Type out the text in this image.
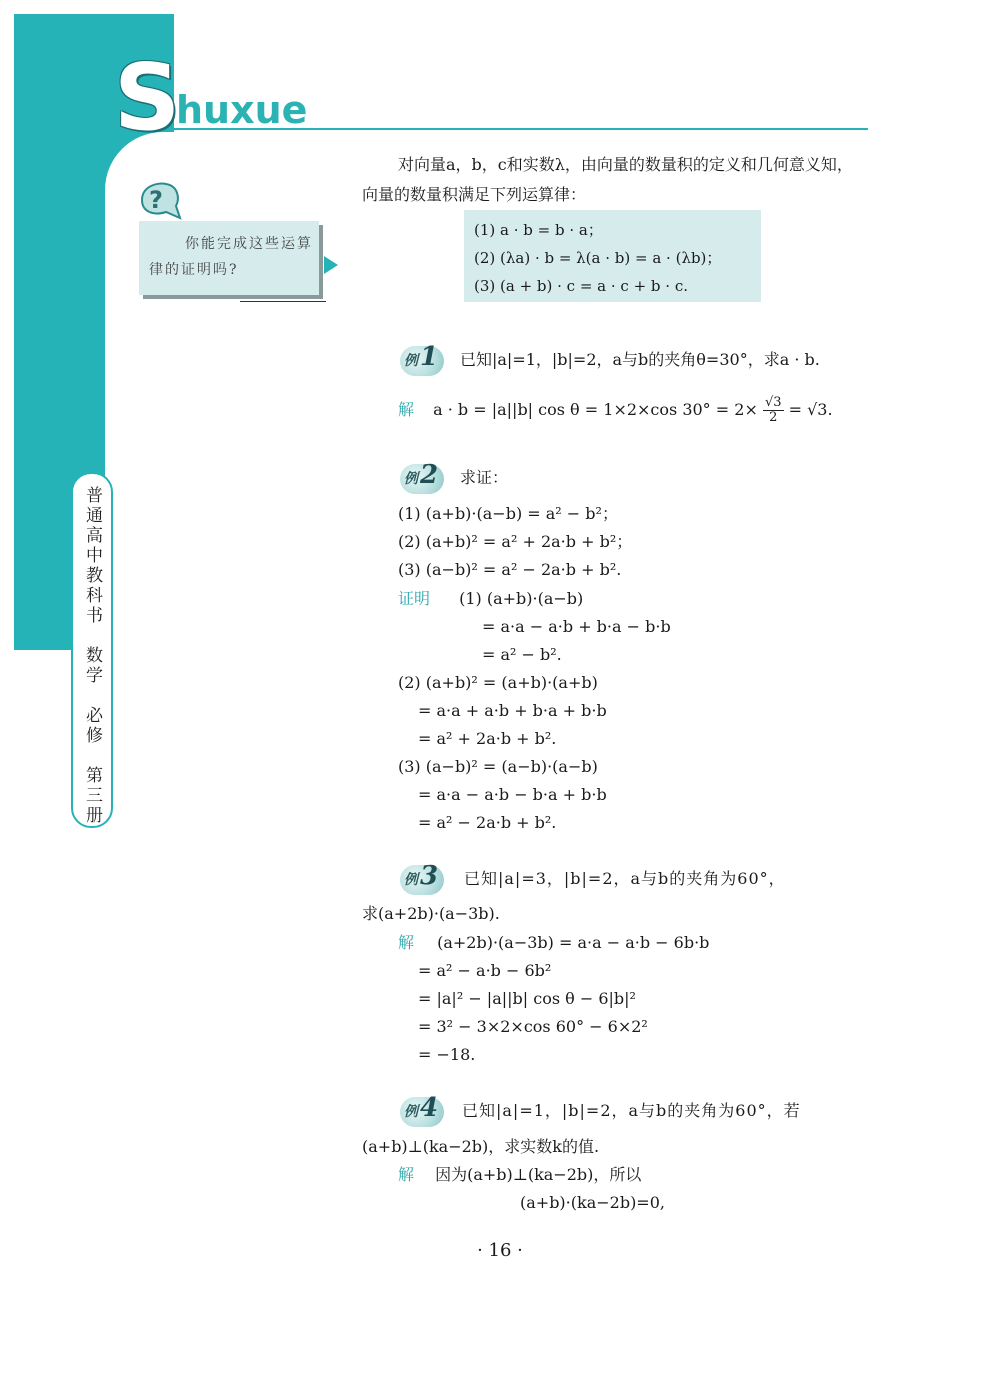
S
huxue
?
你能完成这些运算律的证明吗?
普通高中教科书　数学　必修　第三册
对向量a，b，c和实数λ，由向量的数量积的定义和几何意义知，向量的数量积满足下列运算律：
(1) a · b = b · a；
(2) (λa) · b = λ(a · b) = a · (λb)；
(3) (a + b) · c = a · c + b · c.
例 1 已知|a|=1，|b|=2，a与b的夹角θ=30°，求a · b.
解 a · b = |a||b| cos θ = 1×2×cos $30^\circ = 2\times \frac{√3}{2} = √3$.
例 2 求证：
(1) (a+b)·(a−b) = a² − b²；
(2) (a+b)² = a² + 2a·b + b²；
(3) (a−b)² = a² − 2a·b + b².
证明 (1) (a+b)·(a−b)
= a·a − a·b + b·a − b·b
= a² − b².
(2) (a+b)² = (a+b)·(a+b)
= a·a + a·b + b·a + b·b
= a² + 2a·b + b².
(3) (a−b)² = (a−b)·(a−b)
= a·a − a·b − b·a + b·b
= a² − 2a·b + b².
例 3 已知|a|=3，|b|=2，a与b的夹角为60°，
求(a+2b)·(a−3b).
解 (a+2b)·(a−3b) = a·a − a·b − 6b·b
= a² − a·b − 6b²
= |a|² − |a||b| cos θ − 6|b|²
= 3² − 3×2×cos 60° − 6×2²
= −18.
例 4 已知|a|=1，|b|=2，a与b的夹角为60°，若
(a+b)⊥(ka−2b)，求实数k的值.
解 因为(a+b)⊥(ka−2b)，所以
(a+b)·(ka−2b)=0,
· 16 ·
